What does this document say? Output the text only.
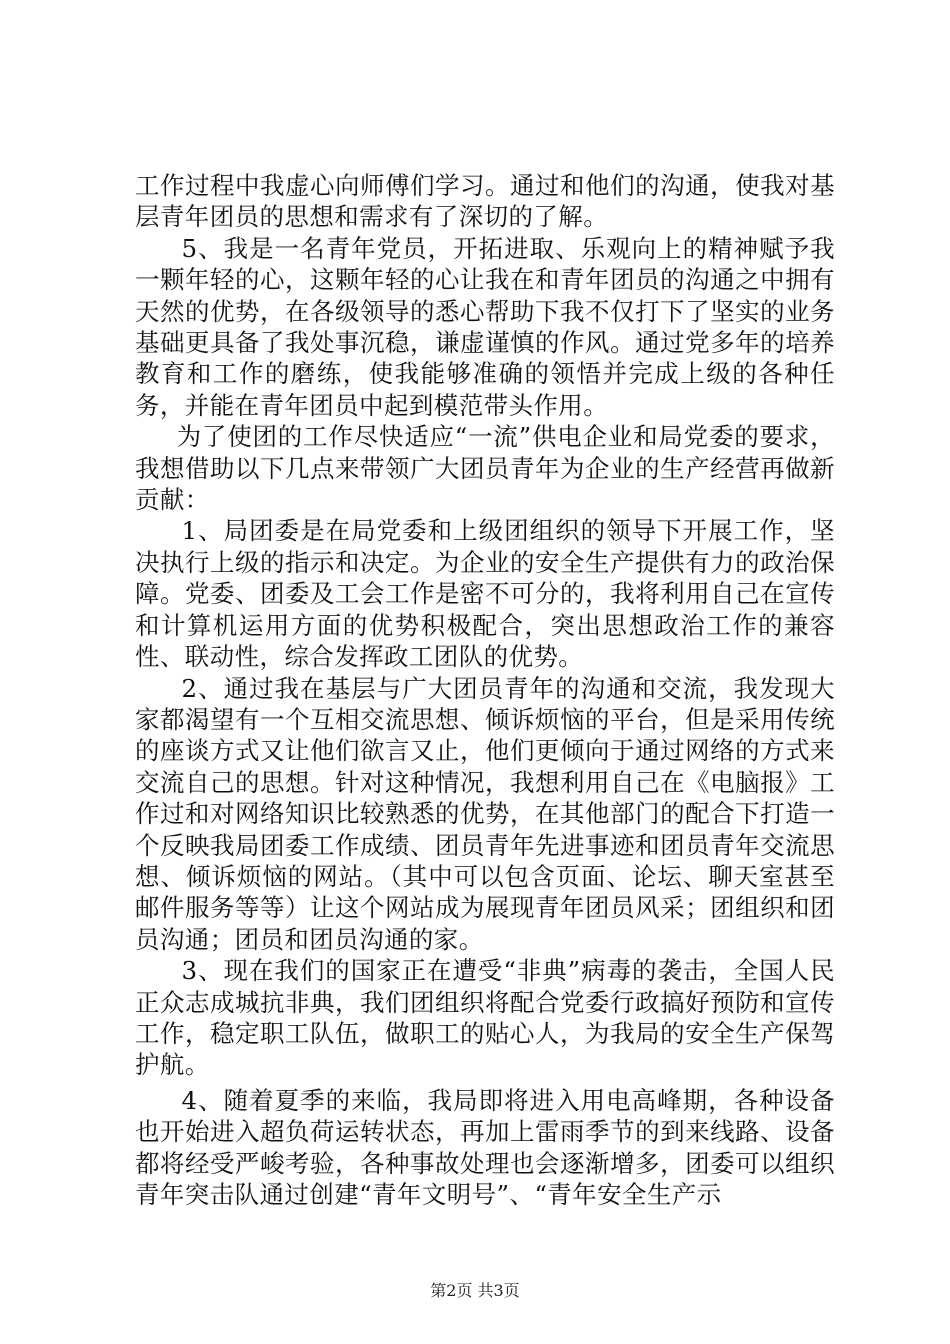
工作过程中我虚心向师傅们学习。通过和他们的沟通，使我对基层青年团员的思想和需求有了深切的了解。

5、我是一名青年党员，开拓进取、乐观向上的精神赋予我一颗年轻的心，这颗年轻的心让我在和青年团员的沟通之中拥有天然的优势，在各级领导的悉心帮助下我不仅打下了坚实的业务基础更具备了我处事沉稳，谦虚谨慎的作风。通过党多年的培养教育和工作的磨练，使我能够准确的领悟并完成上级的各种任务，并能在青年团员中起到模范带头作用。

为了使团的工作尽快适应“一流”供电企业和局党委的要求，我想借助以下几点来带领广大团员青年为企业的生产经营再做新贡献：

1、局团委是在局党委和上级团组织的领导下开展工作，坚决执行上级的指示和决定。为企业的安全生产提供有力的政治保障。党委、团委及工会工作是密不可分的，我将利用自己在宣传和计算机运用方面的优势积极配合，突出思想政治工作的兼容性、联动性，综合发挥政工团队的优势。

2、通过我在基层与广大团员青年的沟通和交流，我发现大家都渴望有一个互相交流思想、倾诉烦恼的平台，但是采用传统的座谈方式又让他们欲言又止，他们更倾向于通过网络的方式来交流自己的思想。针对这种情况，我想利用自己在《电脑报》工作过和对网络知识比较熟悉的优势，在其他部门的配合下打造一个反映我局团委工作成绩、团员青年先进事迹和团员青年交流思想、倾诉烦恼的网站。（其中可以包含页面、论坛、聊天室甚至邮件服务等等）让这个网站成为展现青年团员风采；团组织和团员沟通；团员和团员沟通的家。

3、现在我们的国家正在遭受“非典”病毒的袭击，全国人民正众志成城抗非典，我们团组织将配合党委行政搞好预防和宣传工作，稳定职工队伍，做职工的贴心人，为我局的安全生产保驾护航。

4、随着夏季的来临，我局即将进入用电高峰期，各种设备也开始进入超负荷运转状态，再加上雷雨季节的到来线路、设备都将经受严峻考验，各种事故处理也会逐渐增多，团委可以组织青年突击队通过创建“青年文明号”、“青年安全生产示

第2页 共3页
